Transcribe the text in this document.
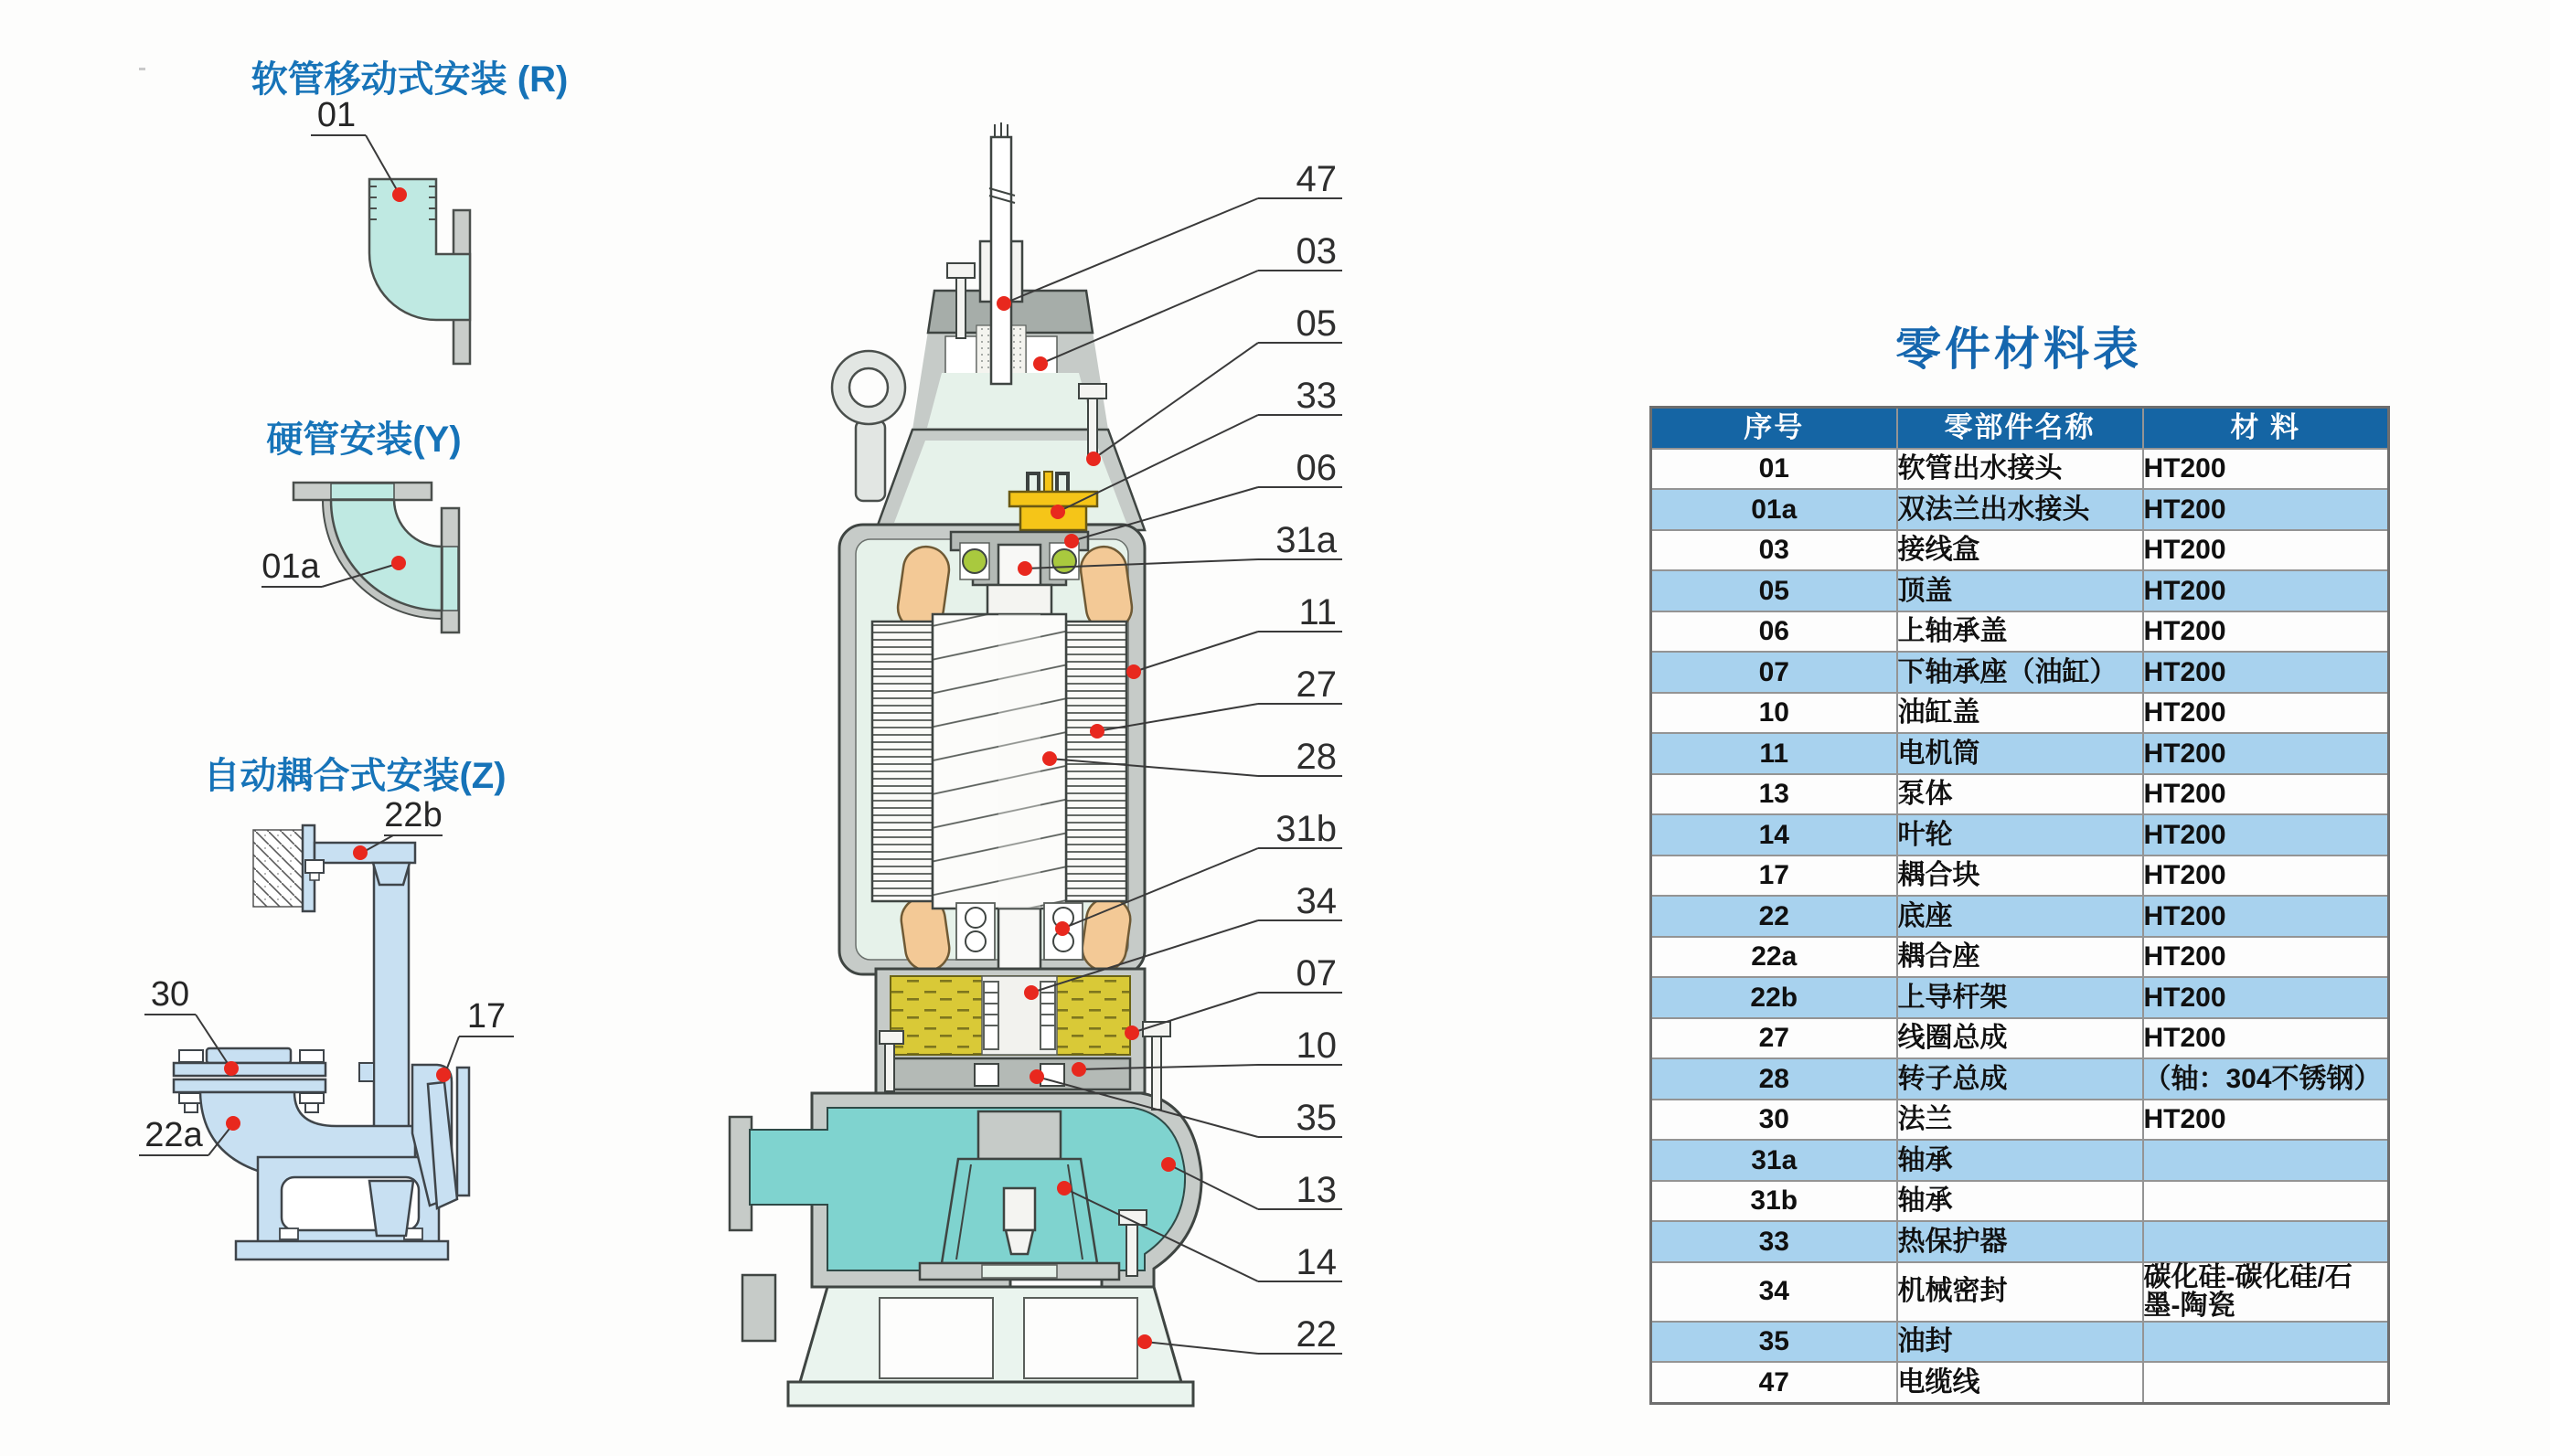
软管移动式安装 (R)
硬管安装(Y)
自动耦合式安装(Z)
01
01a
22b
30
17
22a
47
03
05
33
06
31a
11
27
28
31b
34
07
10
35
13
14
22
零件材料表
序号	零部件名称	材 料
01	软管出水接头	HT200
01a	双法兰出水接头	HT200
03	接线盒	HT200
05	顶盖	HT200
06	上轴承盖	HT200
07	下轴承座（油缸）	HT200
10	油缸盖	HT200
11	电机筒	HT200
13	泵体	HT200
14	叶轮	HT200
17	耦合块	HT200
22	底座	HT200
22a	耦合座	HT200
22b	上导杆架	HT200
27	线圈总成	HT200
28	转子总成	（轴：304不锈钢）
30	法兰	HT200
31a	轴承	
31b	轴承	
33	热保护器	
34	机械密封	碳化硅-碳化硅/石墨-陶瓷
35	油封	
47	电缆线	
